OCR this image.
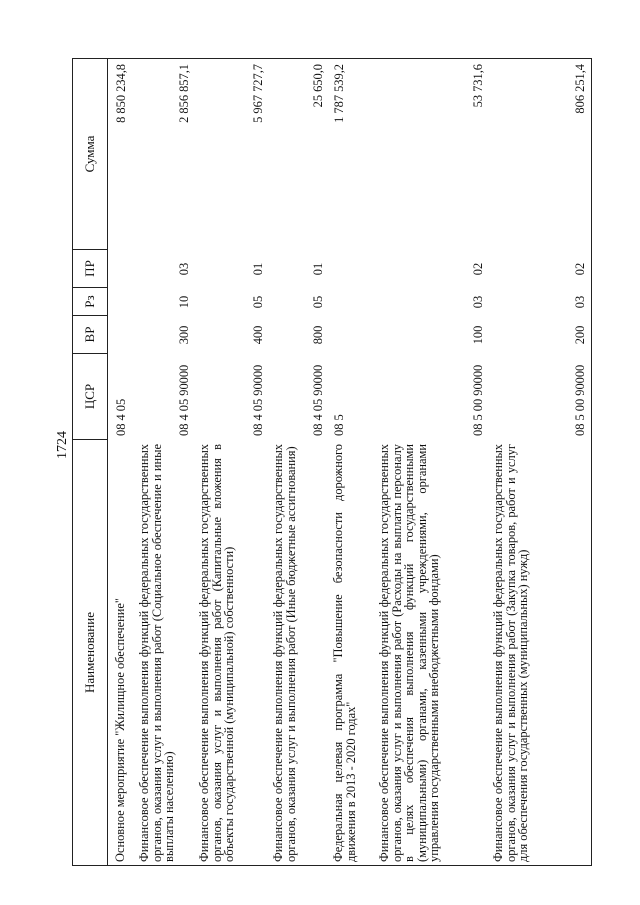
1724
Наименование
ЦСР
ВР
Рз
ПР
Сумма
Основное мероприятие "Жилищное обеспечение"
08 4 05
8 850 234,8
Финансовое обеспечение выполнения функций федеральных государственных органов, оказания услуг и выполнения работ (Социальное обеспечение и иные выплаты населению)
08 4 05 90000
300
10
03
2 856 857,1
Финансовое обеспечение выполнения функций федеральных государственных органов, оказания услуг и выполнения работ (Капитальные вложения в объекты государственной (муниципальной) собственности)
08 4 05 90000
400
05
01
5 967 727,7
Финансовое обеспечение выполнения функций федеральных государственных органов, оказания услуг и выполнения работ (Иные бюджетные ассигнования)
08 4 05 90000
800
05
01
25 650,0
Федеральная целевая программа "Повышение безопасности дорожного движения в 2013 - 2020 годах"
08 5
1 787 539,2
Финансовое обеспечение выполнения функций федеральных государственных органов, оказания услуг и выполнения работ (Расходы на выплаты персоналу в целях обеспечения выполнения функций государственными (муниципальными) органами, казенными учреждениями, органами управления государственными внебюджетными фондами)
08 5 00 90000
100
03
02
53 731,6
Финансовое обеспечение выполнения функций федеральных государственных органов, оказания услуг и выполнения работ (Закупка товаров, работ и услуг для обеспечения государственных (муниципальных) нужд)
08 5 00 90000
200
03
02
806 251,4
